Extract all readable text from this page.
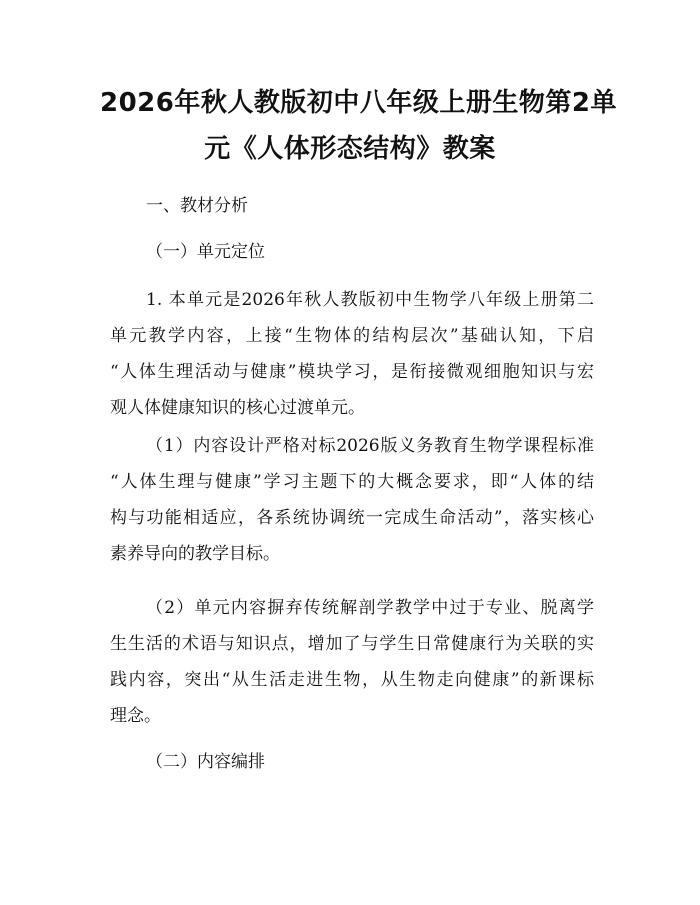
2026年秋人教版初中八年级上册生物第2单
元《人体形态结构》教案
一、教材分析
（一）单元定位
1. 本单元是2026年秋人教版初中生物学八年级上册第二
单元教学内容，上接“生物体的结构层次”基础认知，下启
“人体生理活动与健康”模块学习，是衔接微观细胞知识与宏
观人体健康知识的核心过渡单元。
（1）内容设计严格对标2026版义务教育生物学课程标准
“人体生理与健康”学习主题下的大概念要求，即“人体的结
构与功能相适应，各系统协调统一完成生命活动”，落实核心
素养导向的教学目标。
（2）单元内容摒弃传统解剖学教学中过于专业、脱离学
生生活的术语与知识点，增加了与学生日常健康行为关联的实
践内容，突出“从生活走进生物，从生物走向健康”的新课标
理念。
（二）内容编排
